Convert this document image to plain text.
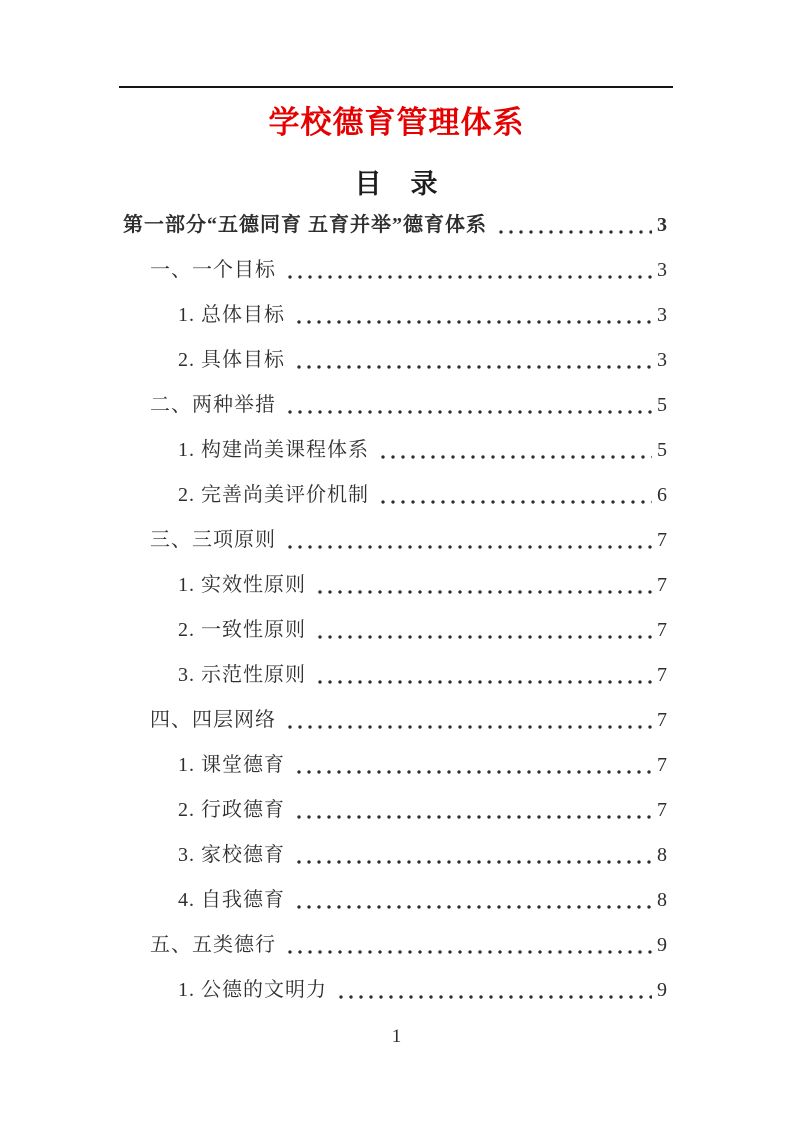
学校德育管理体系
目　录
第一部分“五德同育 五育并举”德育体系	3
一、一个目标	3
1. 总体目标	3
2. 具体目标	3
二、两种举措	5
1. 构建尚美课程体系	5
2. 完善尚美评价机制	6
三、三项原则	7
1. 实效性原则	7
2. 一致性原则	7
3. 示范性原则	7
四、四层网络	7
1. 课堂德育	7
2. 行政德育	7
3. 家校德育	8
4. 自我德育	8
五、五类德行	9
1. 公德的文明力	9
1
